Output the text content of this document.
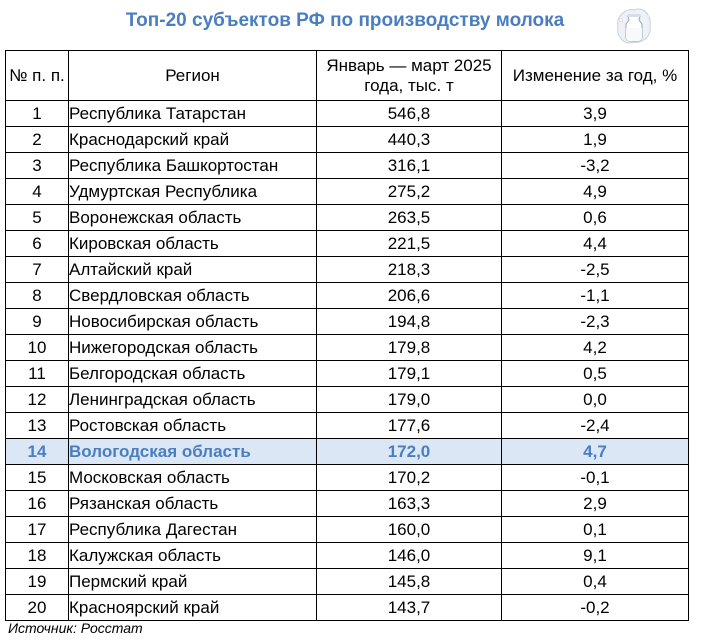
Топ-20 субъектов РФ по производству молока
№ п. п.	Регион	Январь — март 2025 года, тыс. т	Изменение за год, %
1	Республика Татарстан	546,8	3,9
2	Краснодарский край	440,3	1,9
3	Республика Башкортостан	316,1	-3,2
4	Удмуртская Республика	275,2	4,9
5	Воронежская область	263,5	0,6
6	Кировская область	221,5	4,4
7	Алтайский край	218,3	-2,5
8	Свердловская область	206,6	-1,1
9	Новосибирская область	194,8	-2,3
10	Нижегородская область	179,8	4,2
11	Белгородская область	179,1	0,5
12	Ленинградская область	179,0	0,0
13	Ростовская область	177,6	-2,4
14	Вологодская область	172,0	4,7
15	Московская область	170,2	-0,1
16	Рязанская область	163,3	2,9
17	Республика Дагестан	160,0	0,1
18	Калужская область	146,0	9,1
19	Пермский край	145,8	0,4
20	Красноярский край	143,7	-0,2
Источник: Росстат
